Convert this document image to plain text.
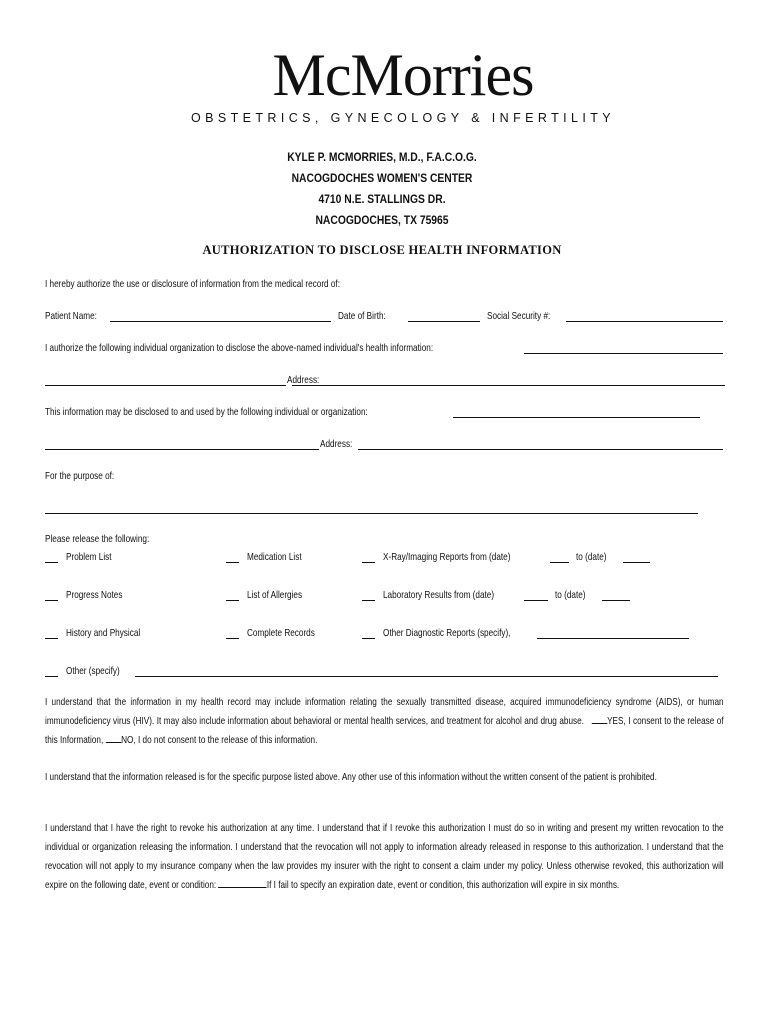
McMorries
OBSTETRICS, GYNECOLOGY & INFERTILITY
KYLE P. MCMORRIES, M.D., F.A.C.O.G.
NACOGDOCHES WOMEN'S CENTER
4710 N.E. STALLINGS DR.
NACOGDOCHES, TX 75965
AUTHORIZATION TO DISCLOSE HEALTH INFORMATION
I hereby authorize the use or disclosure of information from the medical record of:
Patient Name:	Date of Birth:	Social Security #:
I authorize the following individual organization to disclose the above-named individual's health information:
Address:
This information may be disclosed to and used by the following individual or organization:
Address:
For the purpose of:
Please release the following:
Problem List	Medication List	X-Ray/Imaging Reports from (date)	to (date)
Progress Notes	List of Allergies	Laboratory Results from (date)	to (date)
History and Physical	Complete Records	Other Diagnostic Reports (specify),
Other (specify)
I understand that the information in my health record may include information relating the sexually transmitted disease, acquired immunodeficiency syndrome (AIDS), or human immunodeficiency virus (HIV). It may also include information about behavioral or mental health services, and treatment for alcohol and drug abuse. YES, I consent to the release of this Information, NO, I do not consent to the release of this information.
I understand that the information released is for the specific purpose listed above. Any other use of this information without the written consent of the patient is prohibited.
I understand that I have the right to revoke his authorization at any time. I understand that if I revoke this authorization I must do so in writing and present my written revocation to the individual or organization releasing the information. I understand that the revocation will not apply to information already released in response to this authorization. I understand that the revocation will not apply to my insurance company when the law provides my insurer with the right to consent a claim under my policy. Unless otherwise revoked, this authorization will expire on the following date, event or condition:	If I fail to specify an expiration date, event or condition, this authorization will expire in six months.
